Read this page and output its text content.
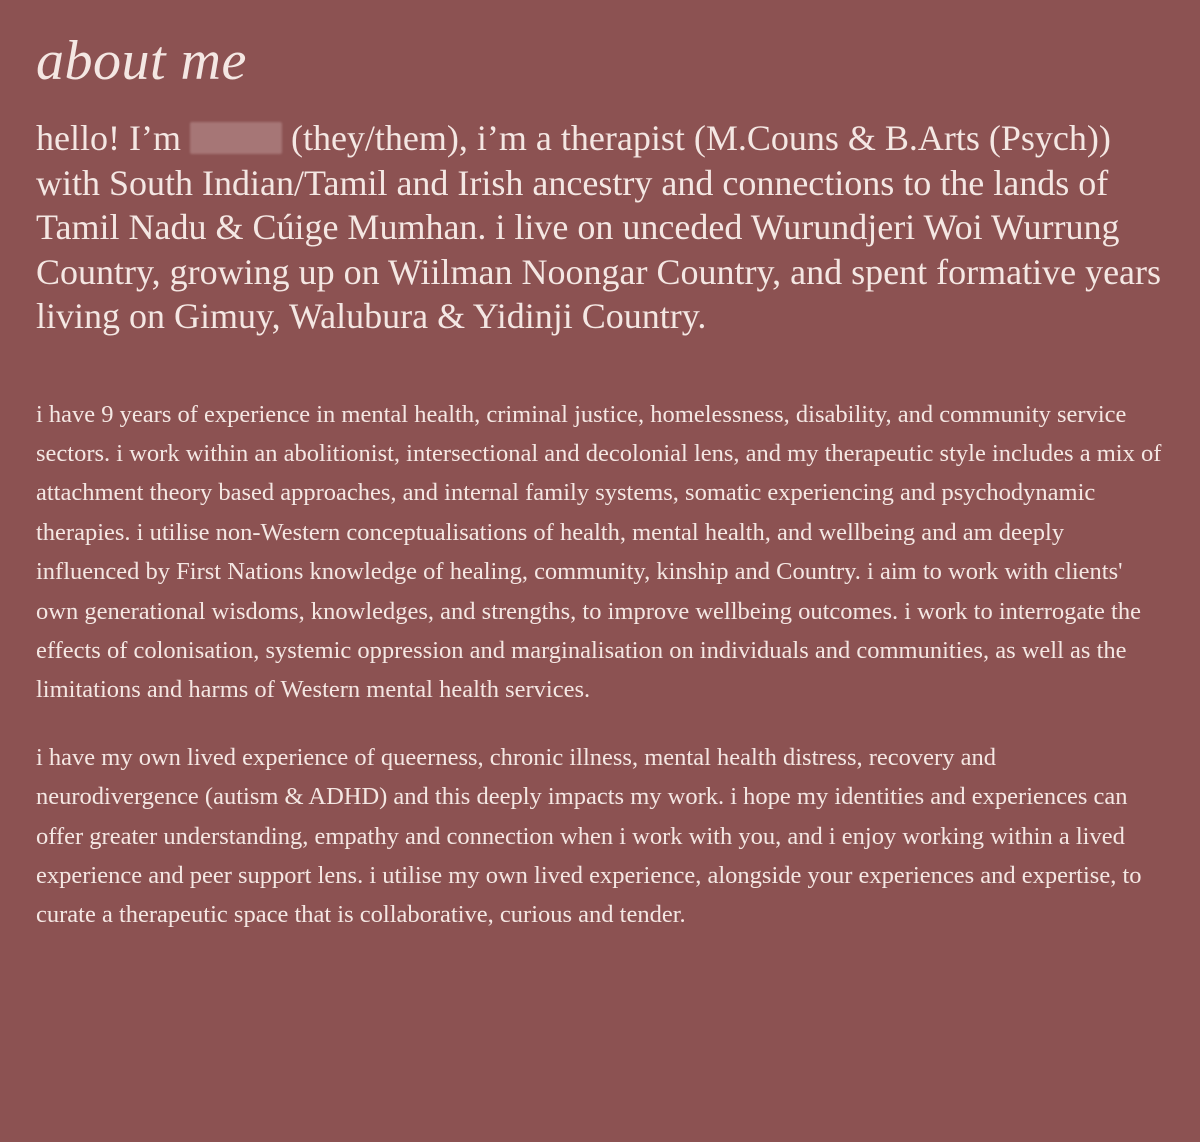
about me

hello! I’m	(they/them), i’m a therapist (M.Couns & B.Arts (Psych)) with South Indian/Tamil and Irish ancestry and connections to the lands of Tamil Nadu & Cúige Mumhan. i live on unceded Wurundjeri Woi Wurrung Country, growing up on Wiilman Noongar Country, and spent formative years living on Gimuy, Walubura & Yidinji Country.

i have 9 years of experience in mental health, criminal justice, homelessness, disability, and community service sectors. i work within an abolitionist, intersectional and decolonial lens, and my therapeutic style includes a mix of attachment theory based approaches, and internal family systems, somatic experiencing and psychodynamic therapies. i utilise non-Western conceptualisations of health, mental health, and wellbeing and am deeply influenced by First Nations knowledge of healing, community, kinship and Country. i aim to work with clients' own generational wisdoms, knowledges, and strengths, to improve wellbeing outcomes. i work to interrogate the effects of colonisation, systemic oppression and marginalisation on individuals and communities, as well as the limitations and harms of Western mental health services.

i have my own lived experience of queerness, chronic illness, mental health distress, recovery and neurodivergence (autism & ADHD) and this deeply impacts my work. i hope my identities and experiences can offer greater understanding, empathy and connection when i work with you, and i enjoy working within a lived experience and peer support lens. i utilise my own lived experience, alongside your experiences and expertise, to curate a therapeutic space that is collaborative, curious and tender.
